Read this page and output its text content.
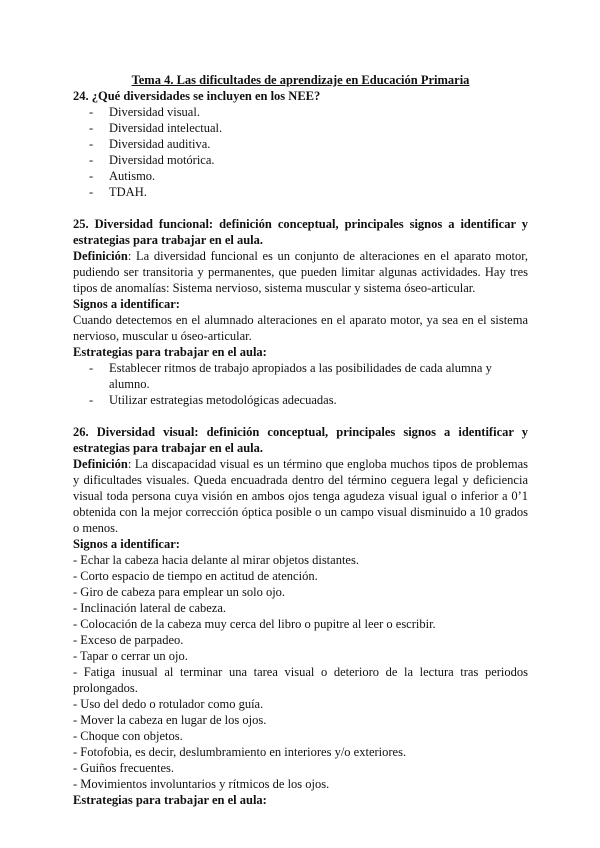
Tema 4. Las dificultades de aprendizaje en Educación Primaria
24. ¿Qué diversidades se incluyen en los NEE?
- Diversidad visual.
- Diversidad intelectual.
- Diversidad auditiva.
- Diversidad motórica.
- Autismo.
- TDAH.
25. Diversidad funcional: definición conceptual, principales signos a identificar y estrategias para trabajar en el aula.

Definición: La diversidad funcional es un conjunto de alteraciones en el aparato motor, pudiendo ser transitoria y permanentes, que pueden limitar algunas actividades. Hay tres tipos de anomalías: Sistema nervioso, sistema muscular y sistema óseo-articular.

Signos a identificar:

Cuando detectemos en el alumnado alteraciones en el aparato motor, ya sea en el sistema nervioso, muscular u óseo-articular.

Estrategias para trabajar en el aula:
- Establecer ritmos de trabajo apropiados a las posibilidades de cada alumna y alumno.
- Utilizar estrategias metodológicas adecuadas.
26. Diversidad visual: definición conceptual, principales signos a identificar y estrategias para trabajar en el aula.

Definición: La discapacidad visual es un término que engloba muchos tipos de problemas y dificultades visuales. Queda encuadrada dentro del término ceguera legal y deficiencia visual toda persona cuya visión en ambos ojos tenga agudeza visual igual o inferior a 0’1 obtenida con la mejor corrección óptica posible o un campo visual disminuido a 10 grados o menos.

Signos a identificar:

- Echar la cabeza hacia delante al mirar objetos distantes.

- Corto espacio de tiempo en actitud de atención.

- Giro de cabeza para emplear un solo ojo.

- Inclinación lateral de cabeza.

- Colocación de la cabeza muy cerca del libro o pupitre al leer o escribir.

- Exceso de parpadeo.

- Tapar o cerrar un ojo.

- Fatiga inusual al terminar una tarea visual o deterioro de la lectura tras periodos prolongados.

- Uso del dedo o rotulador como guía.

- Mover la cabeza en lugar de los ojos.

- Choque con objetos.

- Fotofobia, es decir, deslumbramiento en interiores y/o exteriores.

- Guiños frecuentes.

- Movimientos involuntarios y rítmicos de los ojos.

Estrategias para trabajar en el aula:
